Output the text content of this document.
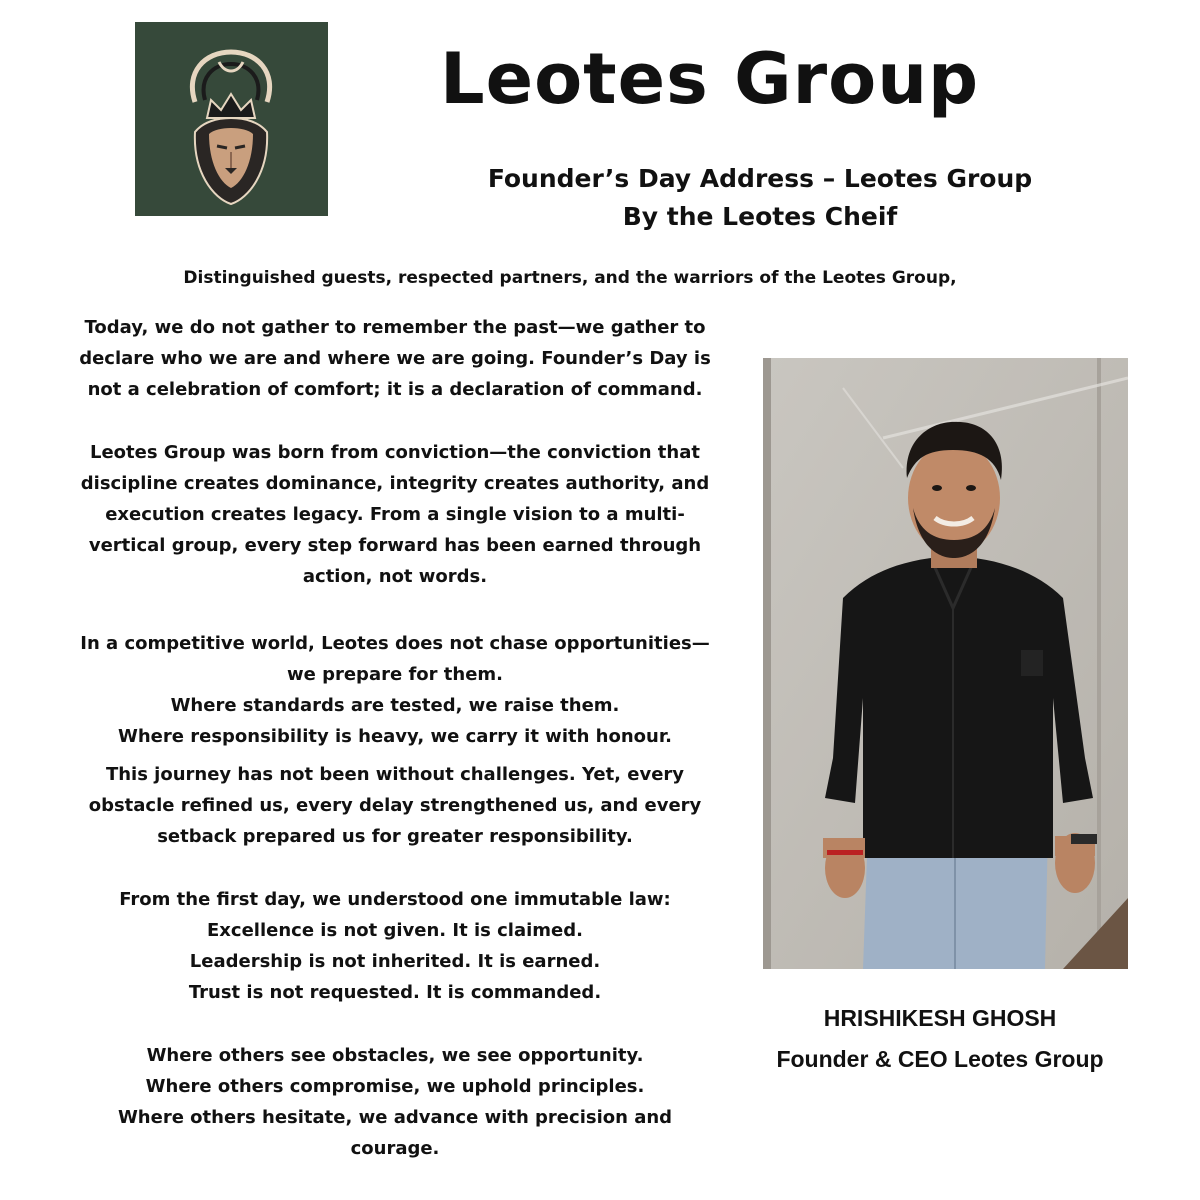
Leotes Group
Founder’s Day Address – Leotes Group
By the Leotes Cheif
Distinguished guests, respected partners, and the warriors of the Leotes Group,

Today, we do not gather to remember the past—we gather to

declare who we are and where we are going. Founder’s Day is

not a celebration of comfort; it is a declaration of command.

Leotes Group was born from conviction—the conviction that

discipline creates dominance, integrity creates authority, and

execution creates legacy. From a single vision to a multi-

vertical group, every step forward has been earned through

action, not words.

In a competitive world, Leotes does not chase opportunities—

we prepare for them.

Where standards are tested, we raise them.

Where responsibility is heavy, we carry it with honour.

This journey has not been without challenges. Yet, every

obstacle refined us, every delay strengthened us, and every

setback prepared us for greater responsibility.

From the first day, we understood one immutable law:

Excellence is not given. It is claimed.

Leadership is not inherited. It is earned.

Trust is not requested. It is commanded.

Where others see obstacles, we see opportunity.

Where others compromise, we uphold principles.

Where others hesitate, we advance with precision and

courage.

HRISHIKESH GHOSH
Founder & CEO Leotes Group
